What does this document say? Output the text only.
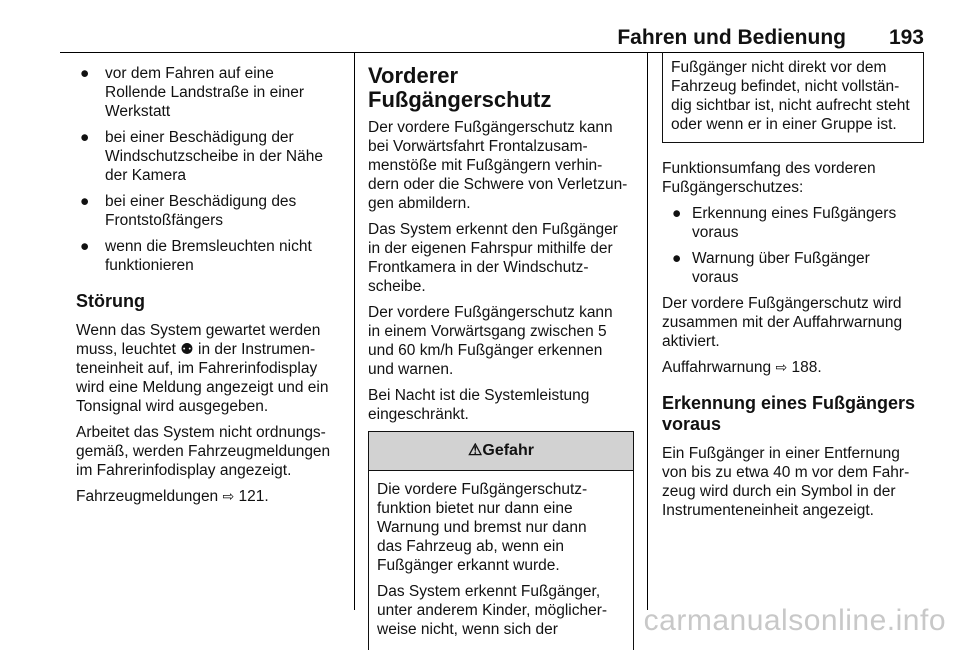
Fahren und Bedienung 193
● vor dem Fahren auf eine
Rollende Landstraße in einer
Werkstatt
● bei einer Beschädigung der
Windschutzscheibe in der Nähe
der Kamera
● bei einer Beschädigung des
Frontstoßfängers
● wenn die Bremsleuchten nicht
funktionieren
Störung

Wenn das System gewartet werden
muss, leuchtet ⚉ in der Instrumen-
teneinheit auf, im Fahrerinfodisplay
wird eine Meldung angezeigt und ein
Tonsignal wird ausgegeben.

Arbeitet das System nicht ordnungs-
gemäß, werden Fahrzeugmeldungen
im Fahrerinfodisplay angezeigt.

Fahrzeugmeldungen ⇨ 121.

Vorderer Fußgängerschutz

Der vordere Fußgängerschutz kann
bei Vorwärtsfahrt Frontalzusam-
menstöße mit Fußgängern verhin-
dern oder die Schwere von Verletzun-
gen abmildern.

Das System erkennt den Fußgänger
in der eigenen Fahrspur mithilfe der
Frontkamera in der Windschutz-
scheibe.

Der vordere Fußgängerschutz kann
in einem Vorwärtsgang zwischen 5
und 60 km/h Fußgänger erkennen
und warnen.

Bei Nacht ist die Systemleistung
eingeschränkt.

⚠Gefahr

Die vordere Fußgängerschutz-
funktion bietet nur dann eine
Warnung und bremst nur dann
das Fahrzeug ab, wenn ein
Fußgänger erkannt wurde.

Das System erkennt Fußgänger,
unter anderem Kinder, möglicher-
weise nicht, wenn sich der

Fußgänger nicht direkt vor dem
Fahrzeug befindet, nicht vollstän-
dig sichtbar ist, nicht aufrecht steht
oder wenn er in einer Gruppe ist.

Funktionsumfang des vorderen
Fußgängerschutzes:

● Erkennung eines Fußgängers
voraus
● Warnung über Fußgänger
voraus

Der vordere Fußgängerschutz wird
zusammen mit der Auffahrwarnung
aktiviert.

Auffahrwarnung ⇨ 188.

Erkennung eines Fußgängers
voraus

Ein Fußgänger in einer Entfernung
von bis zu etwa 40 m vor dem Fahr-
zeug wird durch ein Symbol in der
Instrumenteneinheit angezeigt.

carmanualsonline.info
